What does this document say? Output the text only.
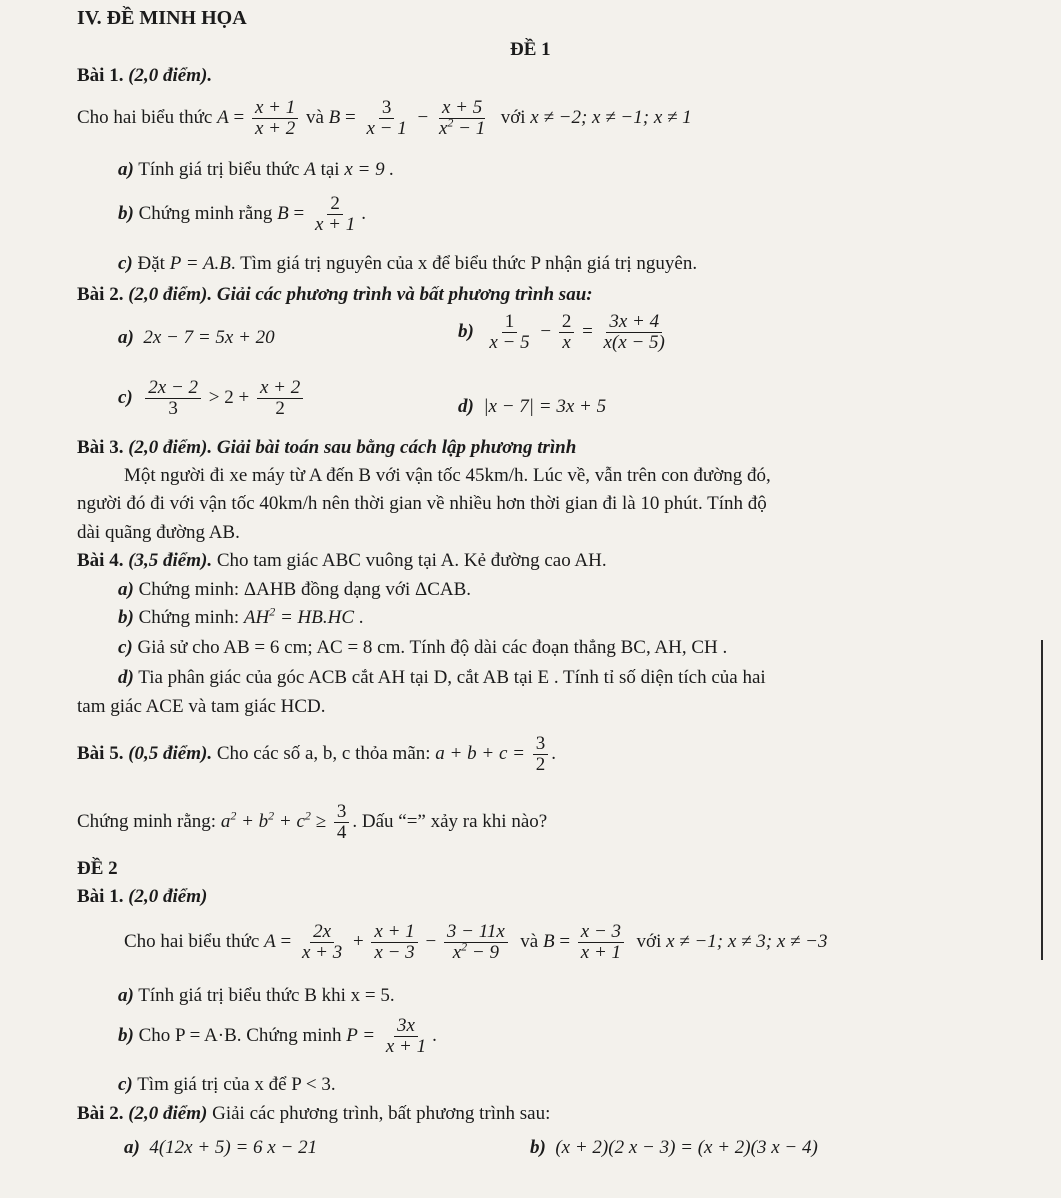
IV. ĐỀ MINH HỌA
ĐỀ 1
Bài 1. (2,0 điểm).
Cho hai biểu thức $A = \frac{x + 1}{x + 2}$ và $B = \frac{3}{x - 1} - \frac{x + 5}{x^2 - 1}$ với x ≠ −2; x ≠ −1; x ≠ 1
a) Tính giá trị biểu thức A tại x = 9 .
b) Chứng minh rằng $B = \frac{2}{x + 1}$ .
c) Đặt P = A.B. Tìm giá trị nguyên của x để biểu thức P nhận giá trị nguyên.
Bài 2. (2,0 điểm). Giải các phương trình và bất phương trình sau:
a) 2x − 7 = 5x + 20	$b) \frac{1}{x - 5} - \frac{2}{x} = \frac{3x + 4}{x(x - 5)}$
$c) \frac{2x - 2}{3} > 2 + \frac{x + 2}{2}$	d) |x − 7| = 3x + 5
Bài 3. (2,0 điểm). Giải bài toán sau bằng cách lập phương trình
Một người đi xe máy từ A đến B với vận tốc 45km/h. Lúc về, vẫn trên con đường đó,
người đó đi với vận tốc 40km/h nên thời gian về nhiều hơn thời gian đi là 10 phút. Tính độ
dài quãng đường AB.
Bài 4. (3,5 điểm). Cho tam giác ABC vuông tại A. Kẻ đường cao AH.
a) Chứng minh: ΔAHB đồng dạng với ΔCAB.
b) Chứng minh: $AH^2 = HB.HC$ .
c) Giả sử cho AB = 6 cm; AC = 8 cm. Tính độ dài các đoạn thẳng BC, AH, CH .
d) Tia phân giác của góc ACB cắt AH tại D, cắt AB tại E . Tính tỉ số diện tích của hai
tam giác ACE và tam giác HCD.
Bài 5. (0,5 điểm). Cho các số a, b, c thỏa mãn: $a + b + c = \frac{3}{2}$ .
Chứng minh rằng: $a^2 + b^2 + c^2 \ge \frac{3}{4}$ . Dấu “=” xảy ra khi nào?
ĐỀ 2
Bài 1. (2,0 điểm)
Cho hai biểu thức $A = \frac{2x}{x + 3} + \frac{x + 1}{x - 3} - \frac{3 - 11x}{x^2 - 9}$ và $B = \frac{x - 3}{x + 1}$ với x ≠ −1; x ≠ 3; x ≠ −3
a) Tính giá trị biểu thức B khi x = 5.
b) Cho P = A·B. Chứng minh $P = \frac{3x}{x + 1}$ .
c) Tìm giá trị của x để P < 3.
Bài 2. (2,0 điểm) Giải các phương trình, bất phương trình sau:
a) 4(12x + 5) = 6 x − 21	b) (x + 2)(2 x − 3) = (x + 2)(3 x − 4)
